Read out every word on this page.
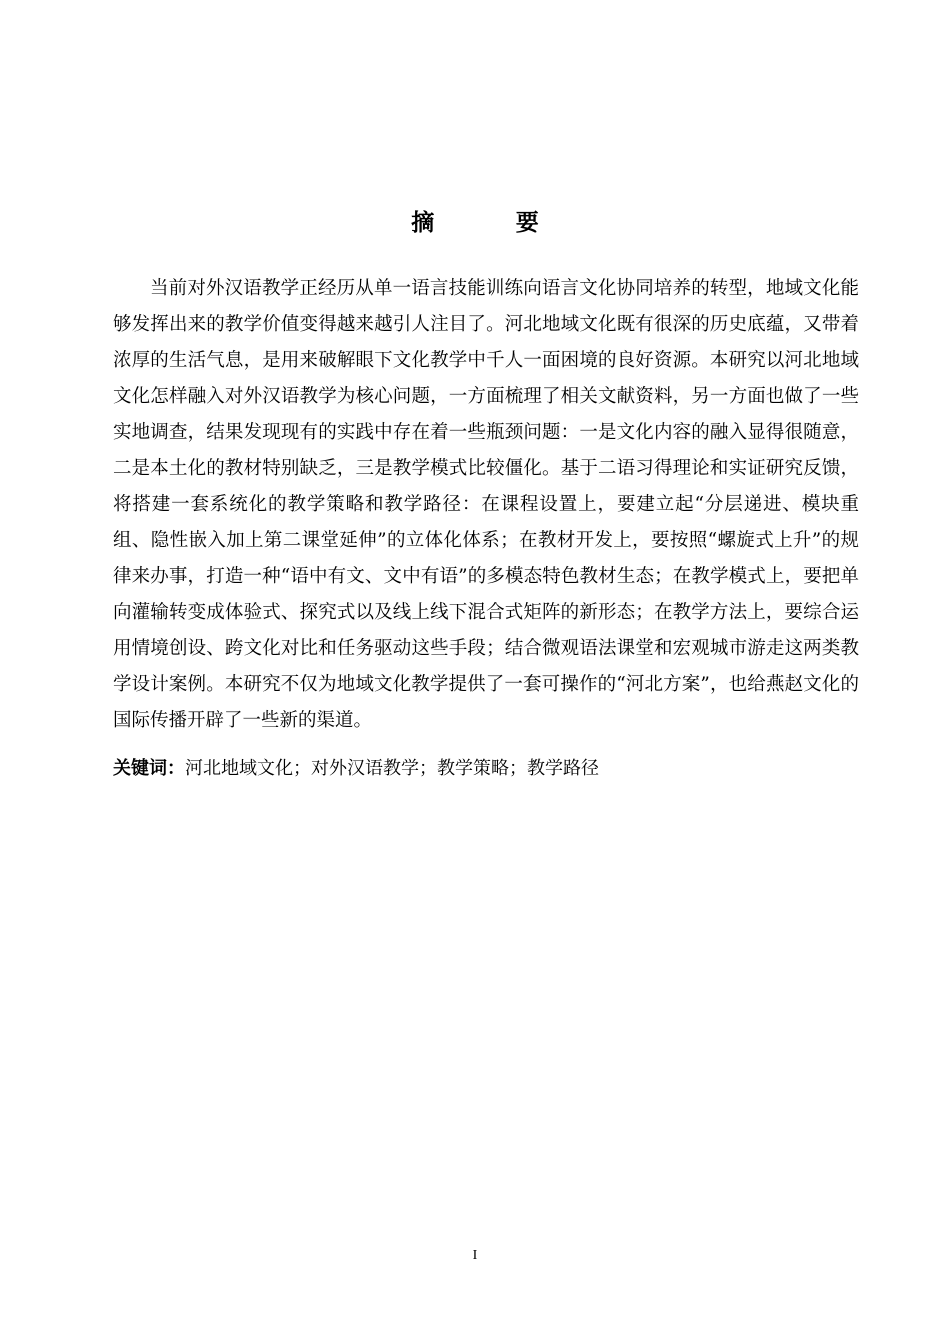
摘 要

当前对外汉语教学正经历从单一语言技能训练向语言文化协同培养的转型，地域文化能够发挥出来的教学价值变得越来越引人注目了。河北地域文化既有很深的历史底蕴，又带着浓厚的生活气息，是用来破解眼下文化教学中千人一面困境的良好资源。本研究以河北地域文化怎样融入对外汉语教学为核心问题，一方面梳理了相关文献资料，另一方面也做了一些实地调查，结果发现现有的实践中存在着一些瓶颈问题：一是文化内容的融入显得很随意，二是本土化的教材特别缺乏，三是教学模式比较僵化。基于二语习得理论和实证研究反馈，将搭建一套系统化的教学策略和教学路径：在课程设置上，要建立起“分层递进、模块重组、隐性嵌入加上第二课堂延伸”的立体化体系；在教材开发上，要按照“螺旋式上升”的规律来办事，打造一种“语中有文、文中有语”的多模态特色教材生态；在教学模式上，要把单向灌输转变成体验式、探究式以及线上线下混合式矩阵的新形态；在教学方法上，要综合运用情境创设、跨文化对比和任务驱动这些手段；结合微观语法课堂和宏观城市游走这两类教学设计案例。本研究不仅为地域文化教学提供了一套可操作的“河北方案”，也给燕赵文化的国际传播开辟了一些新的渠道。

关键词：河北地域文化；对外汉语教学；教学策略；教学路径

I
